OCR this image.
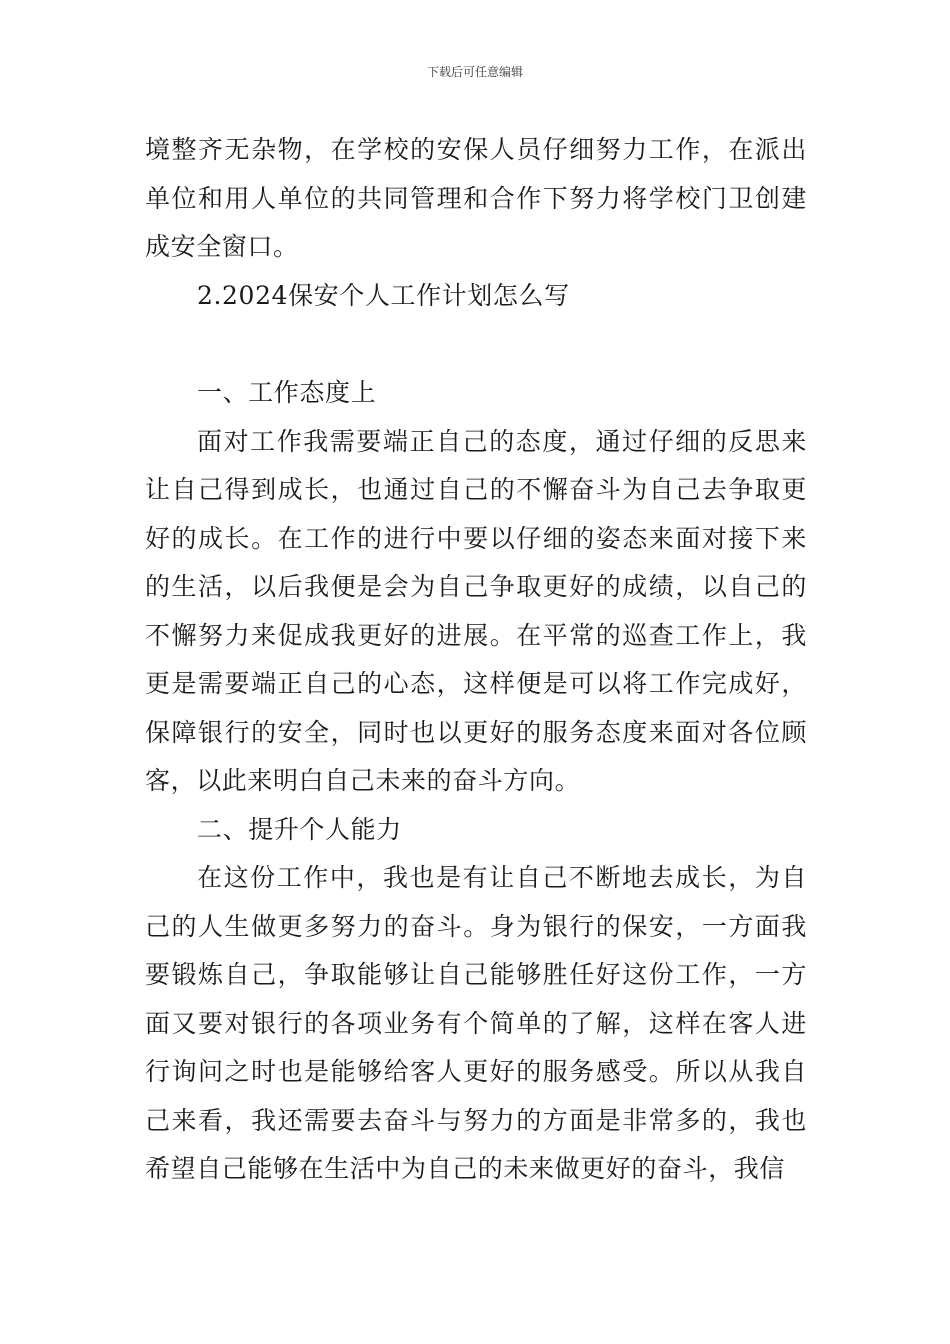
下载后可任意编辑

境整齐无杂物，在学校的安保人员仔细努力工作，在派出单位和用人单位的共同管理和合作下努力将学校门卫创建成安全窗口。

2.2024保安个人工作计划怎么写

一、工作态度上

面对工作我需要端正自己的态度，通过仔细的反思来让自己得到成长，也通过自己的不懈奋斗为自己去争取更好的成长。在工作的进行中要以仔细的姿态来面对接下来的生活，以后我便是会为自己争取更好的成绩，以自己的不懈努力来促成我更好的进展。在平常的巡查工作上，我更是需要端正自己的心态，这样便是可以将工作完成好，保障银行的安全，同时也以更好的服务态度来面对各位顾客，以此来明白自己未来的奋斗方向。

二、提升个人能力

在这份工作中，我也是有让自己不断地去成长，为自己的人生做更多努力的奋斗。身为银行的保安，一方面我要锻炼自己，争取能够让自己能够胜任好这份工作，一方面又要对银行的各项业务有个简单的了解，这样在客人进行询问之时也是能够给客人更好的服务感受。所以从我自己来看，我还需要去奋斗与努力的方面是非常多的，我也希望自己能够在生活中为自己的未来做更好的奋斗，我信
